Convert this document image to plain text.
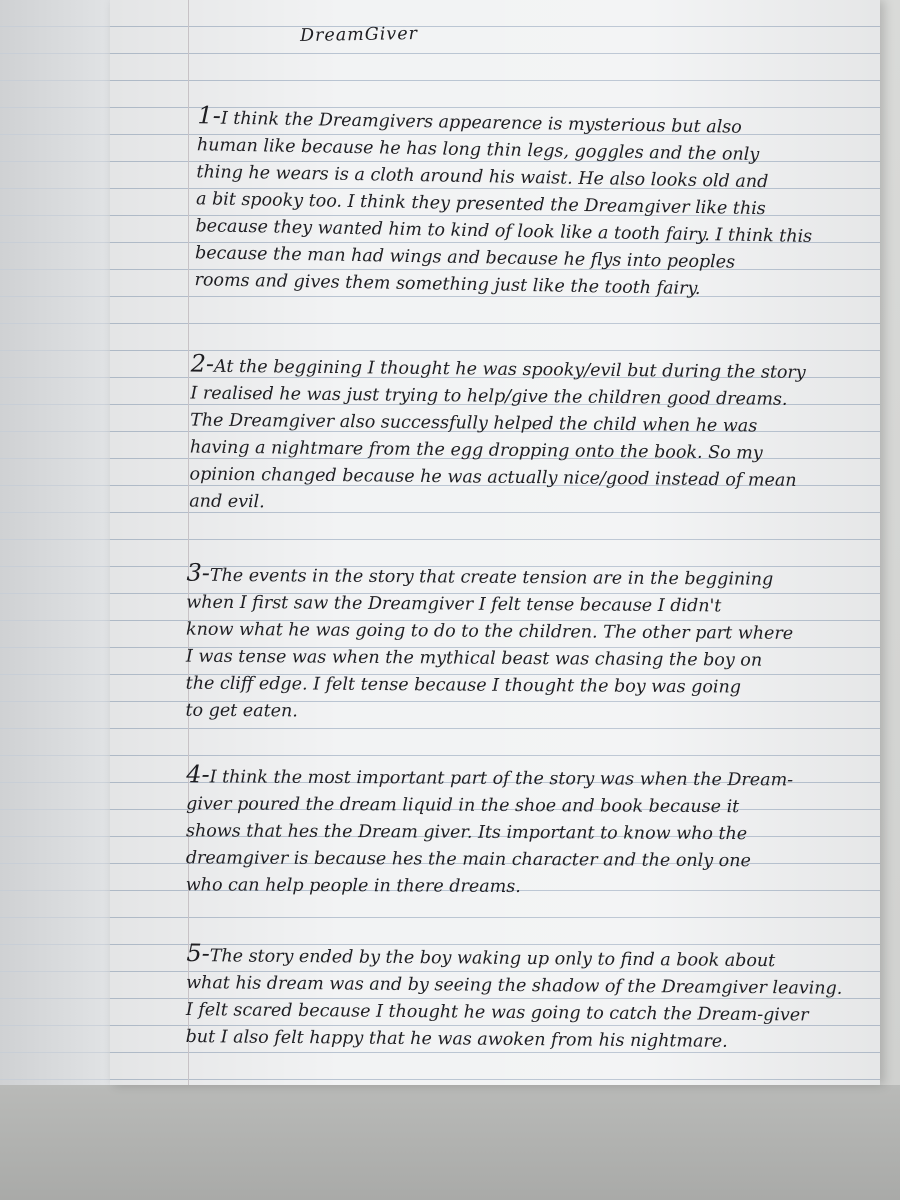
DreamGiver
1-I think the Dreamgivers appearence is mysterious but also
human like because he has long thin legs, goggles and the only
thing he wears is a cloth around his waist. He also looks old and
a bit spooky too. I think they presented the Dreamgiver like this
because they wanted him to kind of look like a tooth fairy. I think this
because the man had wings and because he flys into peoples
rooms and gives them something just like the tooth fairy.
2-At the beggining I thought he was spooky/evil but during the story
I realised he was just trying to help/give the children good dreams.
The Dreamgiver also successfully helped the child when he was
having a nightmare from the egg dropping onto the book. So my
opinion changed because he was actually nice/good instead of mean
and evil.
3-The events in the story that create tension are in the beggining
when I first saw the Dreamgiver I felt tense because I didn't
know what he was going to do to the children. The other part where
I was tense was when the mythical beast was chasing the boy on
the cliff edge. I felt tense because I thought the boy was going
to get eaten.
4-I think the most important part of the story was when the Dream-
giver poured the dream liquid in the shoe and book because it
shows that hes the Dream giver. Its important to know who the
dreamgiver is because hes the main character and the only one
who can help people in there dreams.
5-The story ended by the boy waking up only to find a book about
what his dream was and by seeing the shadow of the Dreamgiver leaving.
I felt scared because I thought he was going to catch the Dream-giver
but I also felt happy that he was awoken from his nightmare.
